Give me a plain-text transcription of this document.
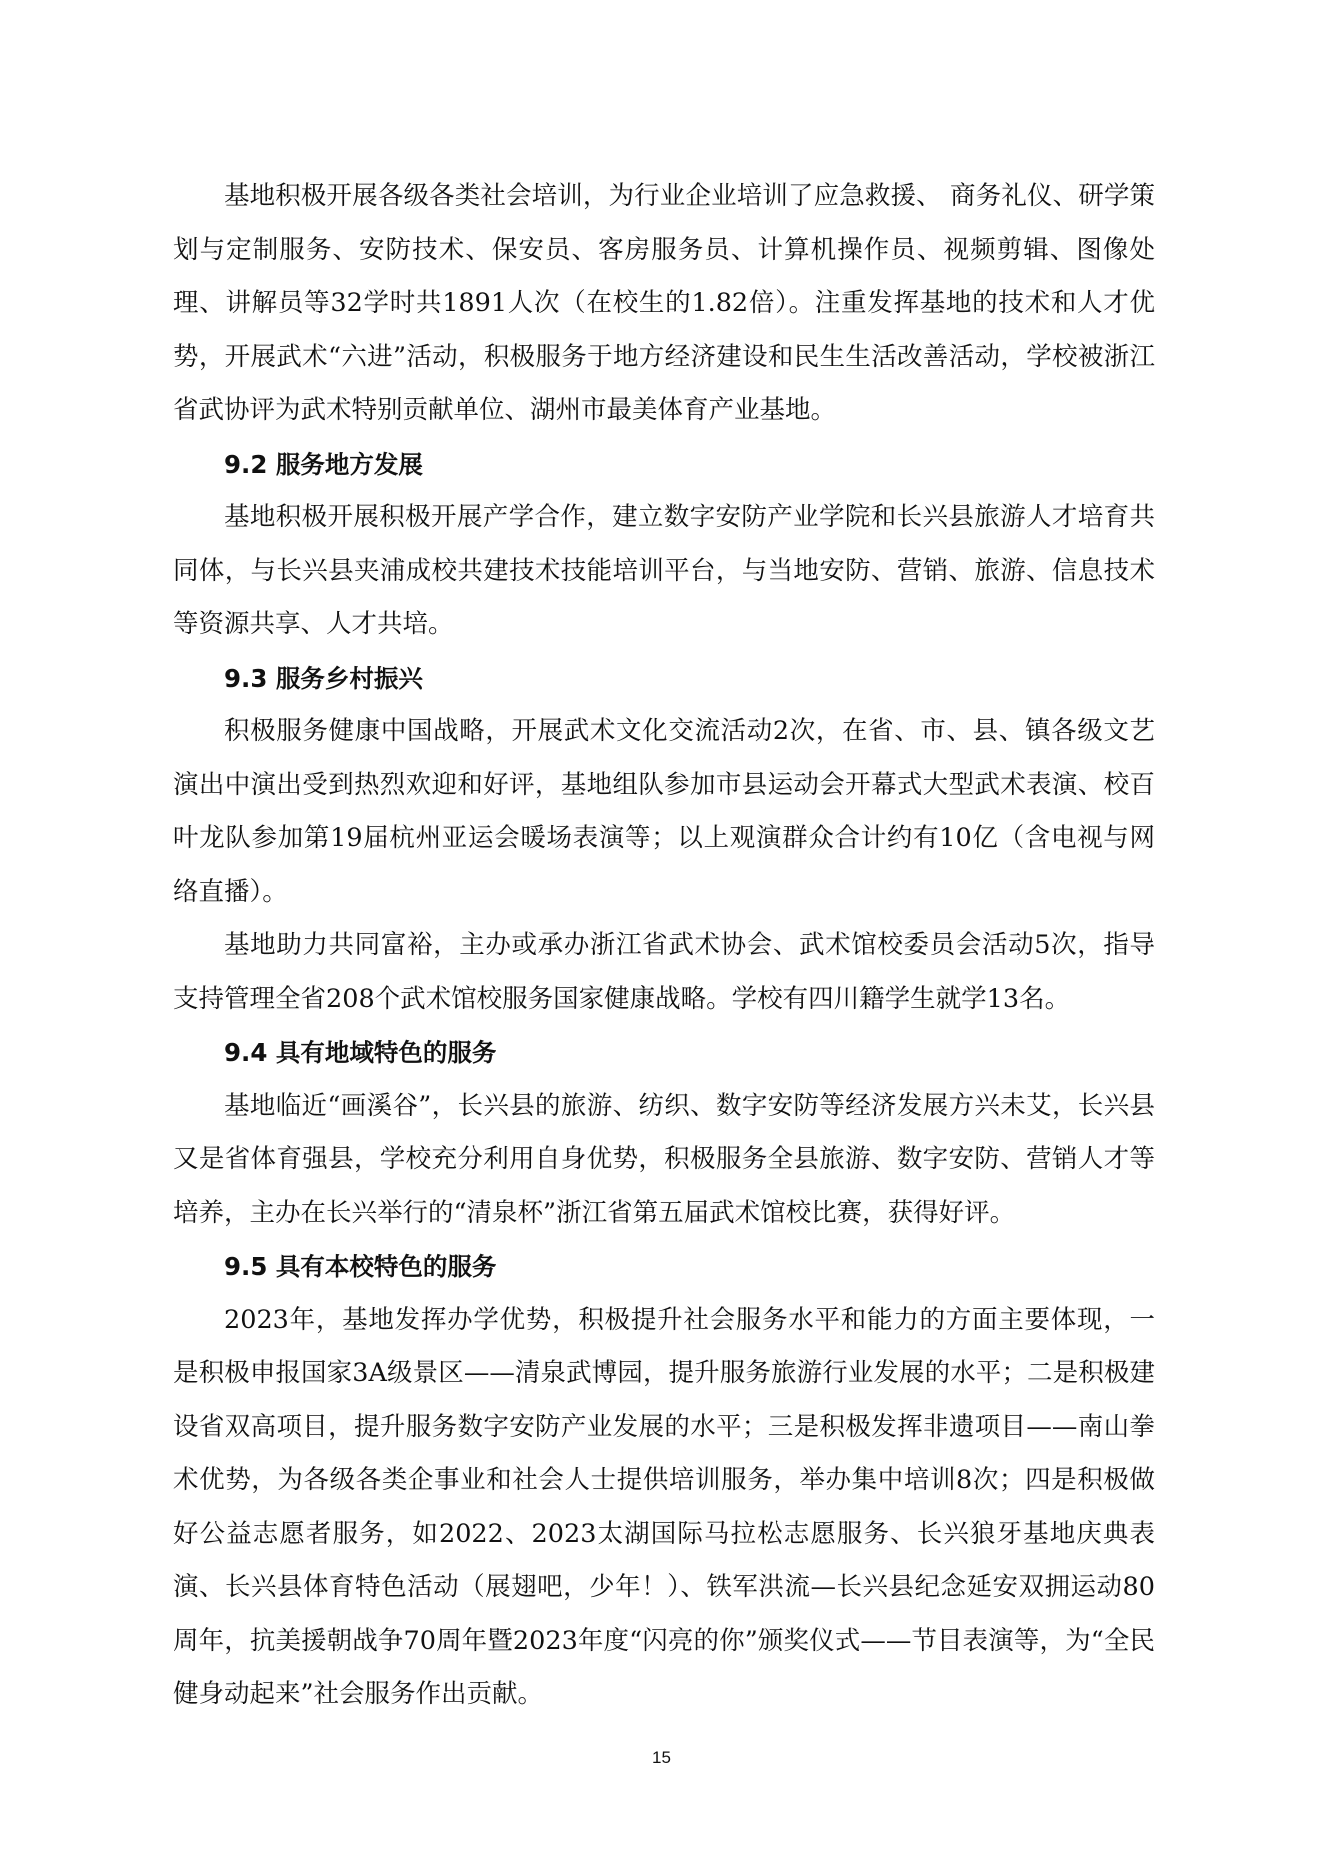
基地积极开展各级各类社会培训，为行业企业培训了应急救援、 商务礼仪、研学策划与定制服务、安防技术、保安员、客房服务员、计算机操作员、视频剪辑、图像处理、讲解员等32学时共1891人次（在校生的1.82倍）。注重发挥基地的技术和人才优势，开展武术“六进”活动，积极服务于地方经济建设和民生生活改善活动，学校被浙江省武协评为武术特别贡献单位、湖州市最美体育产业基地。

9.2 服务地方发展

基地积极开展积极开展产学合作，建立数字安防产业学院和长兴县旅游人才培育共同体，与长兴县夹浦成校共建技术技能培训平台，与当地安防、营销、旅游、信息技术等资源共享、人才共培。

9.3 服务乡村振兴

积极服务健康中国战略，开展武术文化交流活动2次，在省、市、县、镇各级文艺演出中演出受到热烈欢迎和好评，基地组队参加市县运动会开幕式大型武术表演、校百叶龙队参加第19届杭州亚运会暖场表演等；以上观演群众合计约有10亿（含电视与网络直播）。

基地助力共同富裕，主办或承办浙江省武术协会、武术馆校委员会活动5次，指导支持管理全省208个武术馆校服务国家健康战略。学校有四川籍学生就学13名。

9.4 具有地域特色的服务

基地临近“画溪谷”，长兴县的旅游、纺织、数字安防等经济发展方兴未艾，长兴县又是省体育强县，学校充分利用自身优势，积极服务全县旅游、数字安防、营销人才等培养，主办在长兴举行的“清泉杯”浙江省第五届武术馆校比赛，获得好评。

9.5 具有本校特色的服务

2023年，基地发挥办学优势，积极提升社会服务水平和能力的方面主要体现，一是积极申报国家3A级景区——清泉武博园，提升服务旅游行业发展的水平；二是积极建设省双高项目，提升服务数字安防产业发展的水平；三是积极发挥非遗项目——南山拳术优势，为各级各类企事业和社会人士提供培训服务，举办集中培训8次；四是积极做好公益志愿者服务，如2022、2023太湖国际马拉松志愿服务、长兴狼牙基地庆典表演、长兴县体育特色活动（展翅吧，少年！）、铁军洪流—长兴县纪念延安双拥运动80周年，抗美援朝战争70周年暨2023年度“闪亮的你”颁奖仪式——节目表演等，为“全民健身动起来”社会服务作出贡献。

15
